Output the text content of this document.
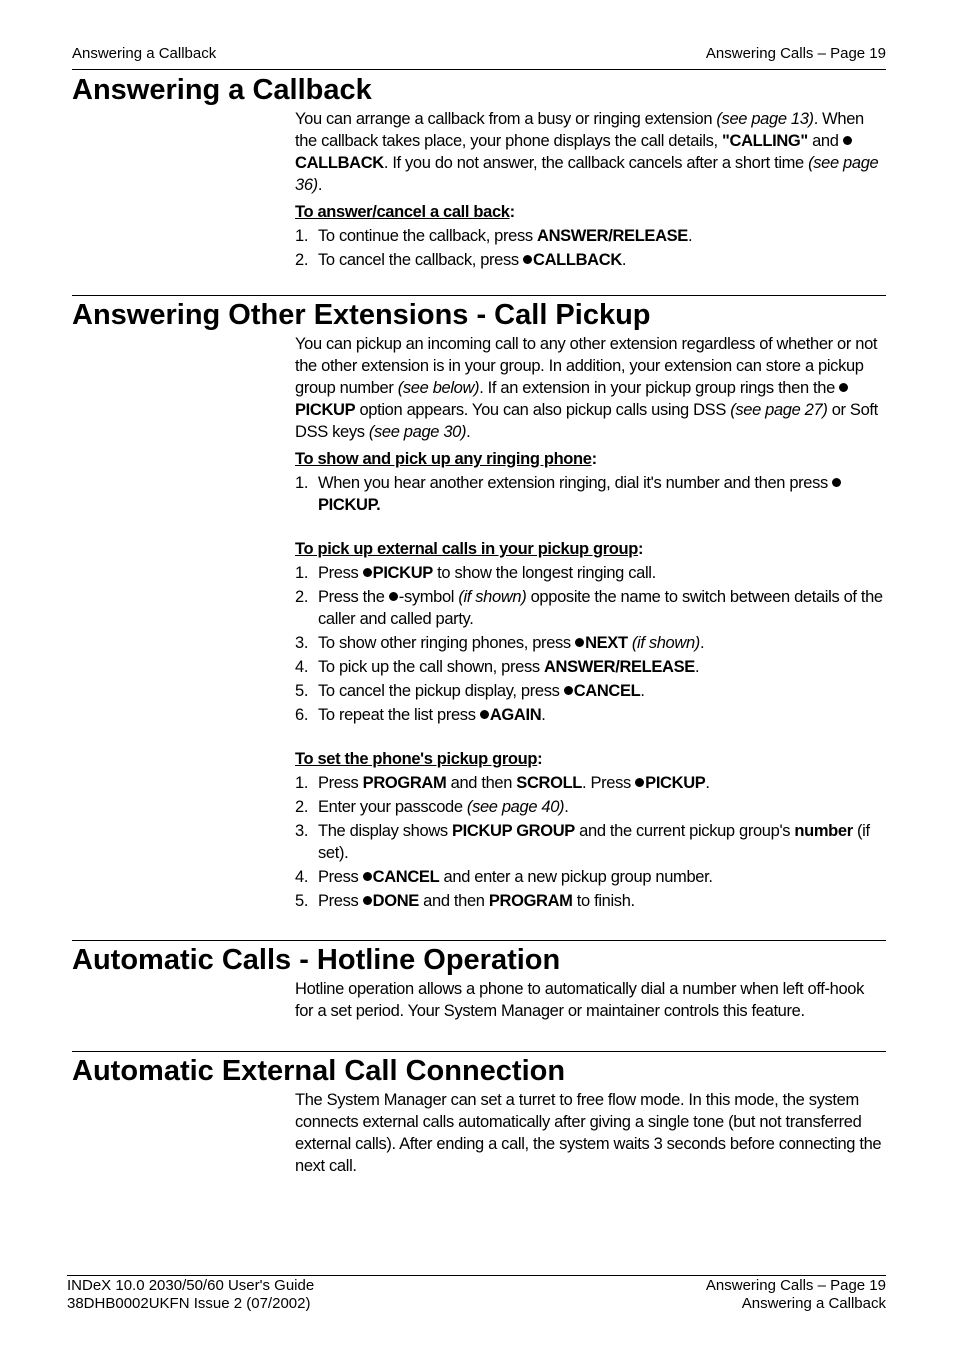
Answering a Callback	Answering Calls – Page 19
Answering a Callback

You can arrange a callback from a busy or ringing extension (see page 13). When the callback takes place, your phone displays the call details, "CALLING" and CALLBACK. If you do not answer, the callback cancels after a short time (see page 36).

To answer/cancel a call back:
1. To continue the callback, press ANSWER/RELEASE.
2. To cancel the callback, press CALLBACK.
Answering Other Extensions - Call Pickup

You can pickup an incoming call to any other extension regardless of whether or not the other extension is in your group. In addition, your extension can store a pickup group number (see below). If an extension in your pickup group rings then the PICKUP option appears. You can also pickup calls using DSS (see page 27) or Soft DSS keys (see page 30).

To show and pick up any ringing phone:
1. When you hear another extension ringing, dial it's number and then press PICKUP.
To pick up external calls in your pickup group:
1. Press PICKUP to show the longest ringing call.
2. Press the -symbol (if shown) opposite the name to switch between details of the caller and called party.
3. To show other ringing phones, press NEXT (if shown).
4. To pick up the call shown, press ANSWER/RELEASE.
5. To cancel the pickup display, press CANCEL.
6. To repeat the list press AGAIN.
To set the phone's pickup group:
1. Press PROGRAM and then SCROLL. Press PICKUP.
2. Enter your passcode (see page 40).
3. The display shows PICKUP GROUP and the current pickup group's number (if set).
4. Press CANCEL and enter a new pickup group number.
5. Press DONE and then PROGRAM to finish.
Automatic Calls - Hotline Operation

Hotline operation allows a phone to automatically dial a number when left off-hook for a set period. Your System Manager or maintainer controls this feature.

Automatic External Call Connection

The System Manager can set a turret to free flow mode. In this mode, the system connects external calls automatically after giving a single tone (but not transferred external calls). After ending a call, the system waits 3 seconds before connecting the next call.

INDeX 10.0 2030/50/60 User's Guide
38DHB0002UKFN Issue 2 (07/2002)
Answering Calls – Page 19
Answering a Callback
